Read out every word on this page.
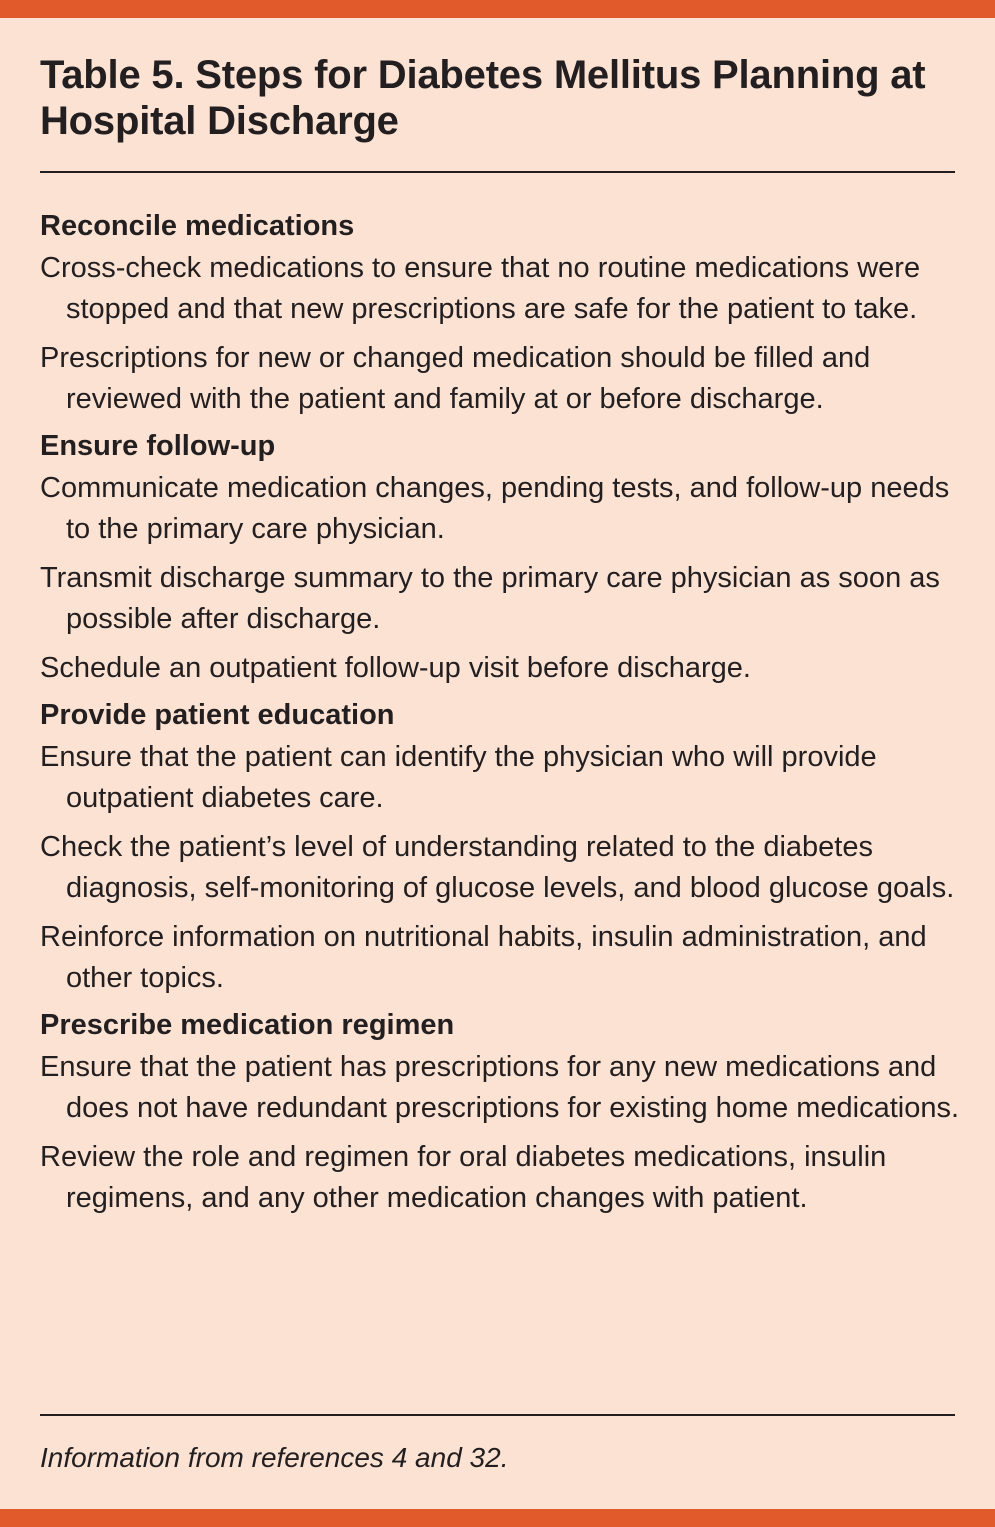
Table 5. Steps for Diabetes Mellitus Planning at Hospital Discharge
Reconcile medications

Cross-check medications to ensure that no routine medications were stopped and that new prescriptions are safe for the patient to take.

Prescriptions for new or changed medication should be filled and reviewed with the patient and family at or before discharge.

Ensure follow-up

Communicate medication changes, pending tests, and follow-up needs to the primary care physician.

Transmit discharge summary to the primary care physician as soon as possible after discharge.

Schedule an outpatient follow-up visit before discharge.

Provide patient education

Ensure that the patient can identify the physician who will provide outpatient diabetes care.

Check the patient’s level of understanding related to the diabetes diagnosis, self-monitoring of glucose levels, and blood glucose goals.

Reinforce information on nutritional habits, insulin administration, and other topics.

Prescribe medication regimen

Ensure that the patient has prescriptions for any new medications and does not have redundant prescriptions for existing home medications.

Review the role and regimen for oral diabetes medications, insulin regimens, and any other medication changes with patient.

Information from references 4 and 32.
